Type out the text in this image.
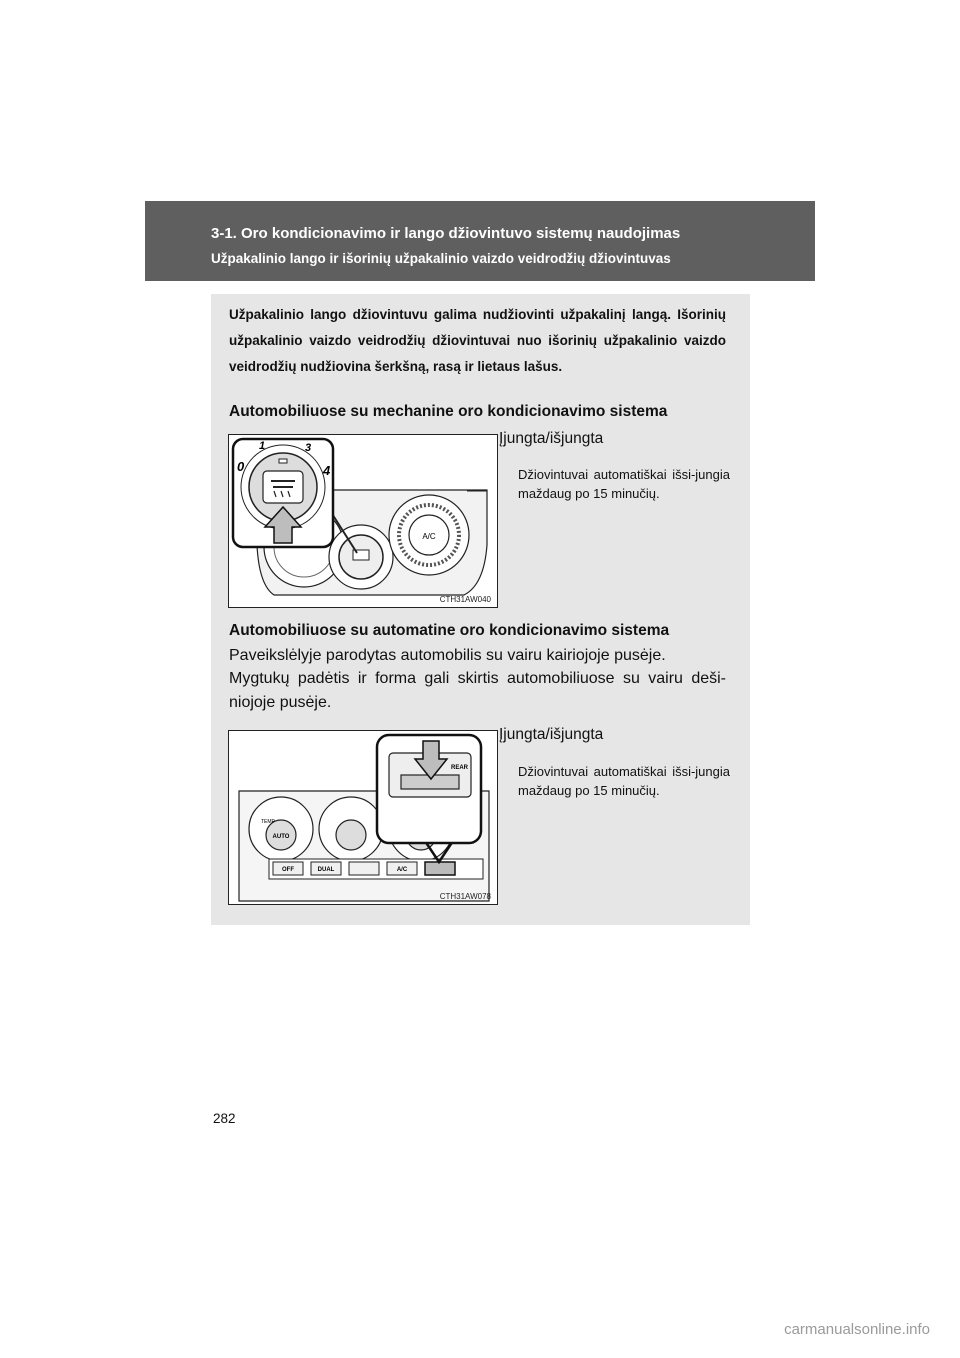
3-1. Oro kondicionavimo ir lango džiovintuvo sistemų naudojimas
Užpakalinio lango ir išorinių užpakalinio vaizdo veidrodžių džiovintuvas
Užpakalinio lango džiovintuvu galima nudžiovinti užpakalinį langą. Išorinių užpakalinio vaizdo veidrodžių džiovintuvai nuo išorinių užpakalinio vaizdo veidrodžių nudžiovina šerkšną, rasą ir lietaus lašus.
Automobiliuose su mechanine oro kondicionavimo sistema
A/C
0
1	3
4
CTH31AW040
Įjungta/išjungta
Džiovintuvai automatiškai išsi-jungia maždaug po 15 minučių.
Automobiliuose su automatine oro kondicionavimo sistema
Paveikslėlyje parodytas automobilis su vairu kairiojoje pusėje.
Mygtukų padėtis ir forma gali skirtis automobiliuose su vairu deši-niojoje pusėje.
AUTO
TEMP
OFF	DUAL	A/C
REAR
CTH31AW078
Įjungta/išjungta
Džiovintuvai automatiškai išsi-jungia maždaug po 15 minučių.
282
carmanualsonline.info
